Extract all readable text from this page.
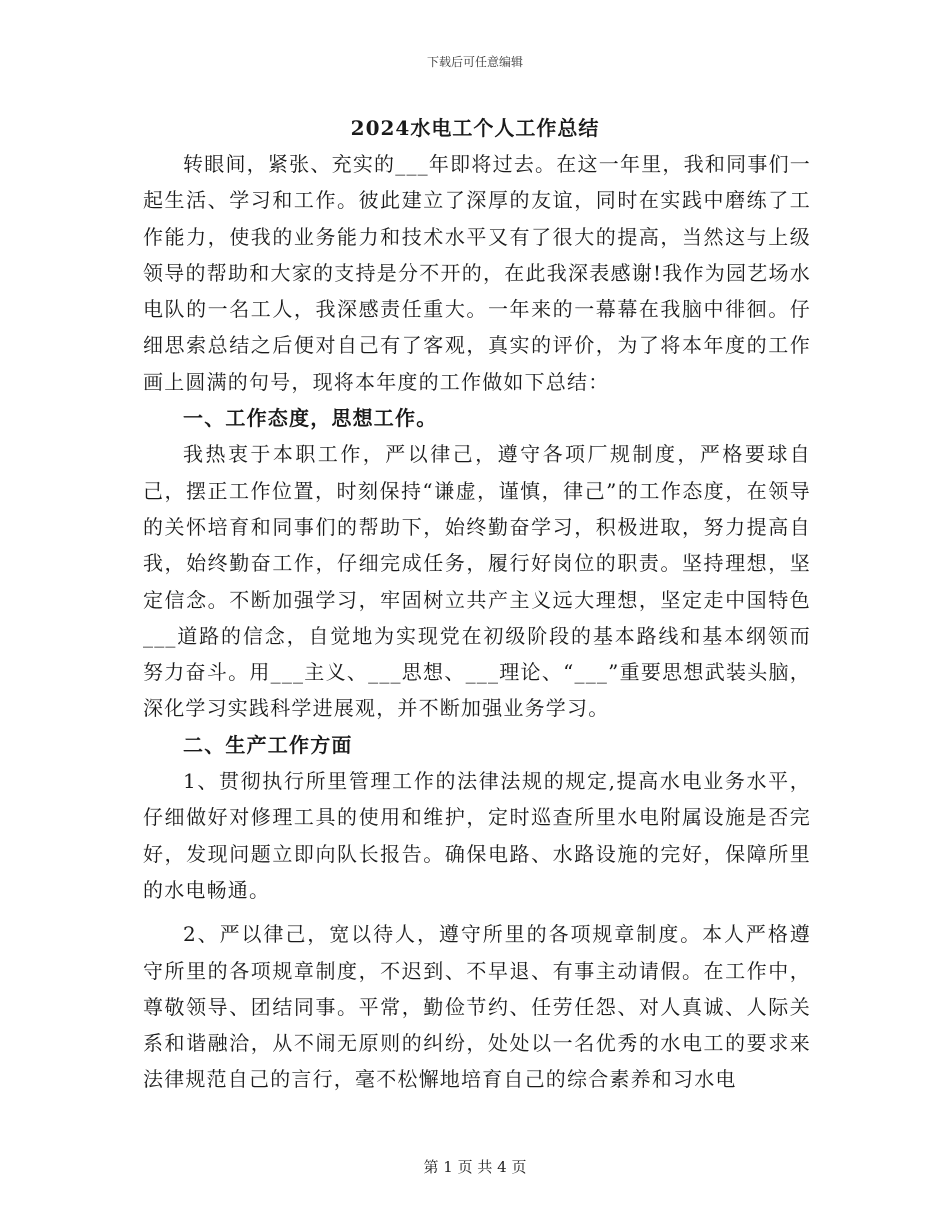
下载后可任意编辑
2024水电工个人工作总结

转眼间，紧张、充实的___年即将过去。在这一年里，我和同事们一起生活、学习和工作。彼此建立了深厚的友谊，同时在实践中磨练了工作能力，使我的业务能力和技术水平又有了很大的提高，当然这与上级领导的帮助和大家的支持是分不开的，在此我深表感谢!我作为园艺场水电队的一名工人，我深感责任重大。一年来的一幕幕在我脑中徘徊。仔细思索总结之后便对自己有了客观，真实的评价，为了将本年度的工作画上圆满的句号，现将本年度的工作做如下总结：

一、工作态度，思想工作。

我热衷于本职工作，严以律己，遵守各项厂规制度，严格要球自己，摆正工作位置，时刻保持“谦虚，谨慎，律己”的工作态度，在领导的关怀培育和同事们的帮助下，始终勤奋学习，积极进取，努力提高自我，始终勤奋工作，仔细完成任务，履行好岗位的职责。坚持理想，坚定信念。不断加强学习，牢固树立共产主义远大理想，坚定走中国特色___道路的信念，自觉地为实现党在初级阶段的基本路线和基本纲领而努力奋斗。用___主义、___思想、___理论、“___”重要思想武装头脑，深化学习实践科学进展观，并不断加强业务学习。

二、生产工作方面

1、贯彻执行所里管理工作的法律法规的规定,提高水电业务水平，仔细做好对修理工具的使用和维护，定时巡查所里水电附属设施是否完好，发现问题立即向队长报告。确保电路、水路设施的完好，保障所里的水电畅通。

2、严以律己，宽以待人，遵守所里的各项规章制度。本人严格遵守所里的各项规章制度，不迟到、不早退、有事主动请假。在工作中，尊敬领导、团结同事。平常，勤俭节约、任劳任怨、对人真诚、人际关系和谐融洽，从不闹无原则的纠纷，处处以一名优秀的水电工的要求来法律规范自己的言行，毫不松懈地培育自己的综合素养和习水电

第 1 页 共 4 页
